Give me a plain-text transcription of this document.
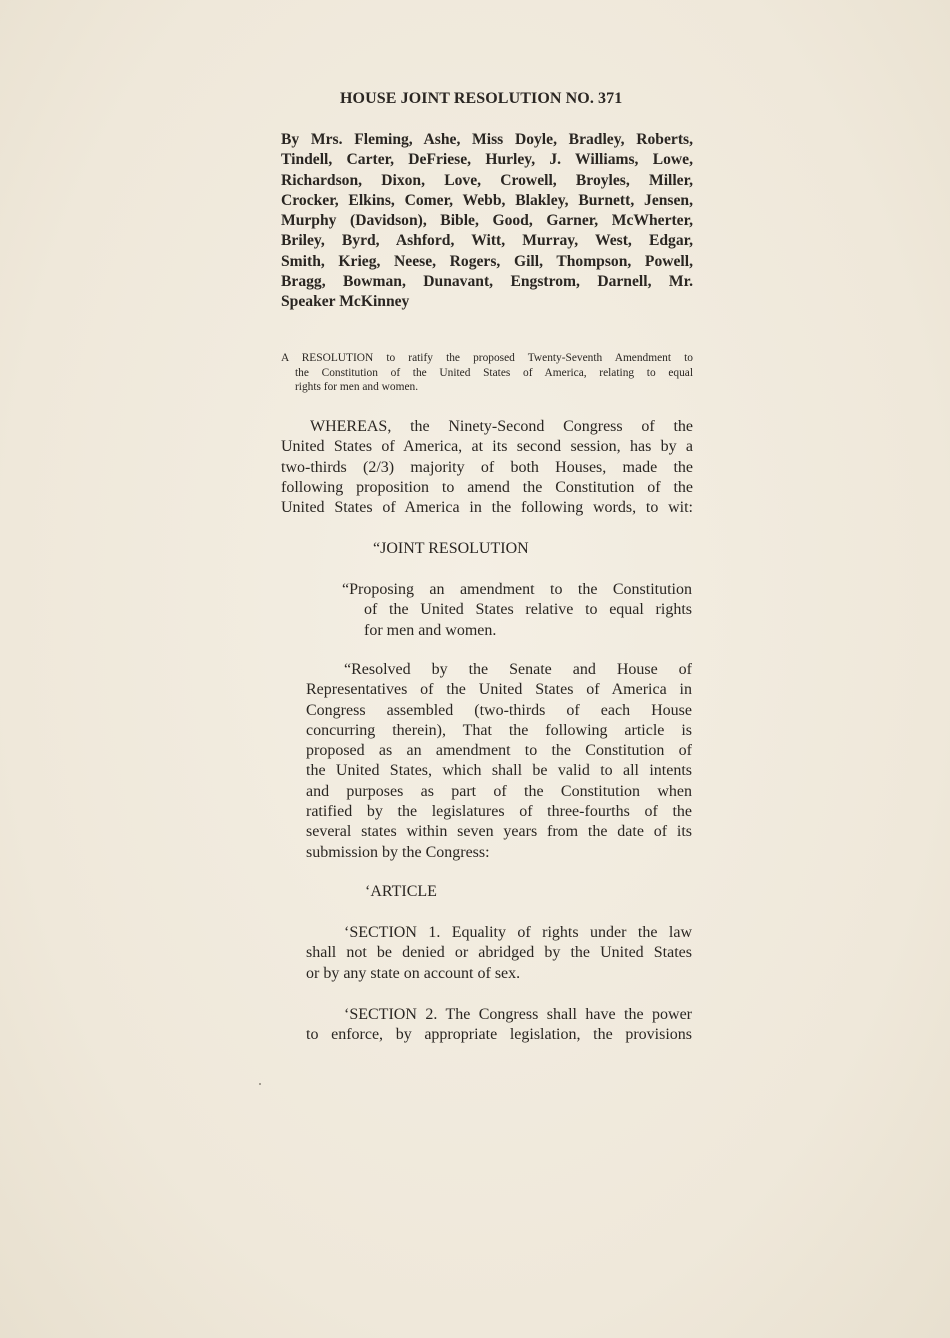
HOUSE JOINT RESOLUTION NO. 371
By Mrs. Fleming, Ashe, Miss Doyle, Bradley, Roberts,
Tindell, Carter, DeFriese, Hurley, J. Williams, Lowe,
Richardson, Dixon, Love, Crowell, Broyles, Miller,
Crocker, Elkins, Comer, Webb, Blakley, Burnett, Jensen,
Murphy (Davidson), Bible, Good, Garner, McWherter,
Briley, Byrd, Ashford, Witt, Murray, West, Edgar,
Smith, Krieg, Neese, Rogers, Gill, Thompson, Powell,
Bragg, Bowman, Dunavant, Engstrom, Darnell, Mr.
Speaker McKinney
A RESOLUTION to ratify the proposed Twenty-Seventh Amendment to
the Constitution of the United States of America, relating to equal
rights for men and women.
WHEREAS, the Ninety-Second Congress of the
United States of America, at its second session, has by a
two-thirds (2/3) majority of both Houses, made the
following proposition to amend the Constitution of the
United States of America in the following words, to wit:
“JOINT RESOLUTION
“Proposing an amendment to the Constitution
of the United States relative to equal rights
for men and women.
“Resolved by the Senate and House of
Representatives of the United States of America in
Congress assembled (two-thirds of each House
concurring therein), That the following article is
proposed as an amendment to the Constitution of
the United States, which shall be valid to all intents
and purposes as part of the Constitution when
ratified by the legislatures of three-fourths of the
several states within seven years from the date of its
submission by the Congress:
‘ARTICLE
‘SECTION 1. Equality of rights under the law
shall not be denied or abridged by the United States
or by any state on account of sex.
‘SECTION 2. The Congress shall have the power
to enforce, by appropriate legislation, the provisions
